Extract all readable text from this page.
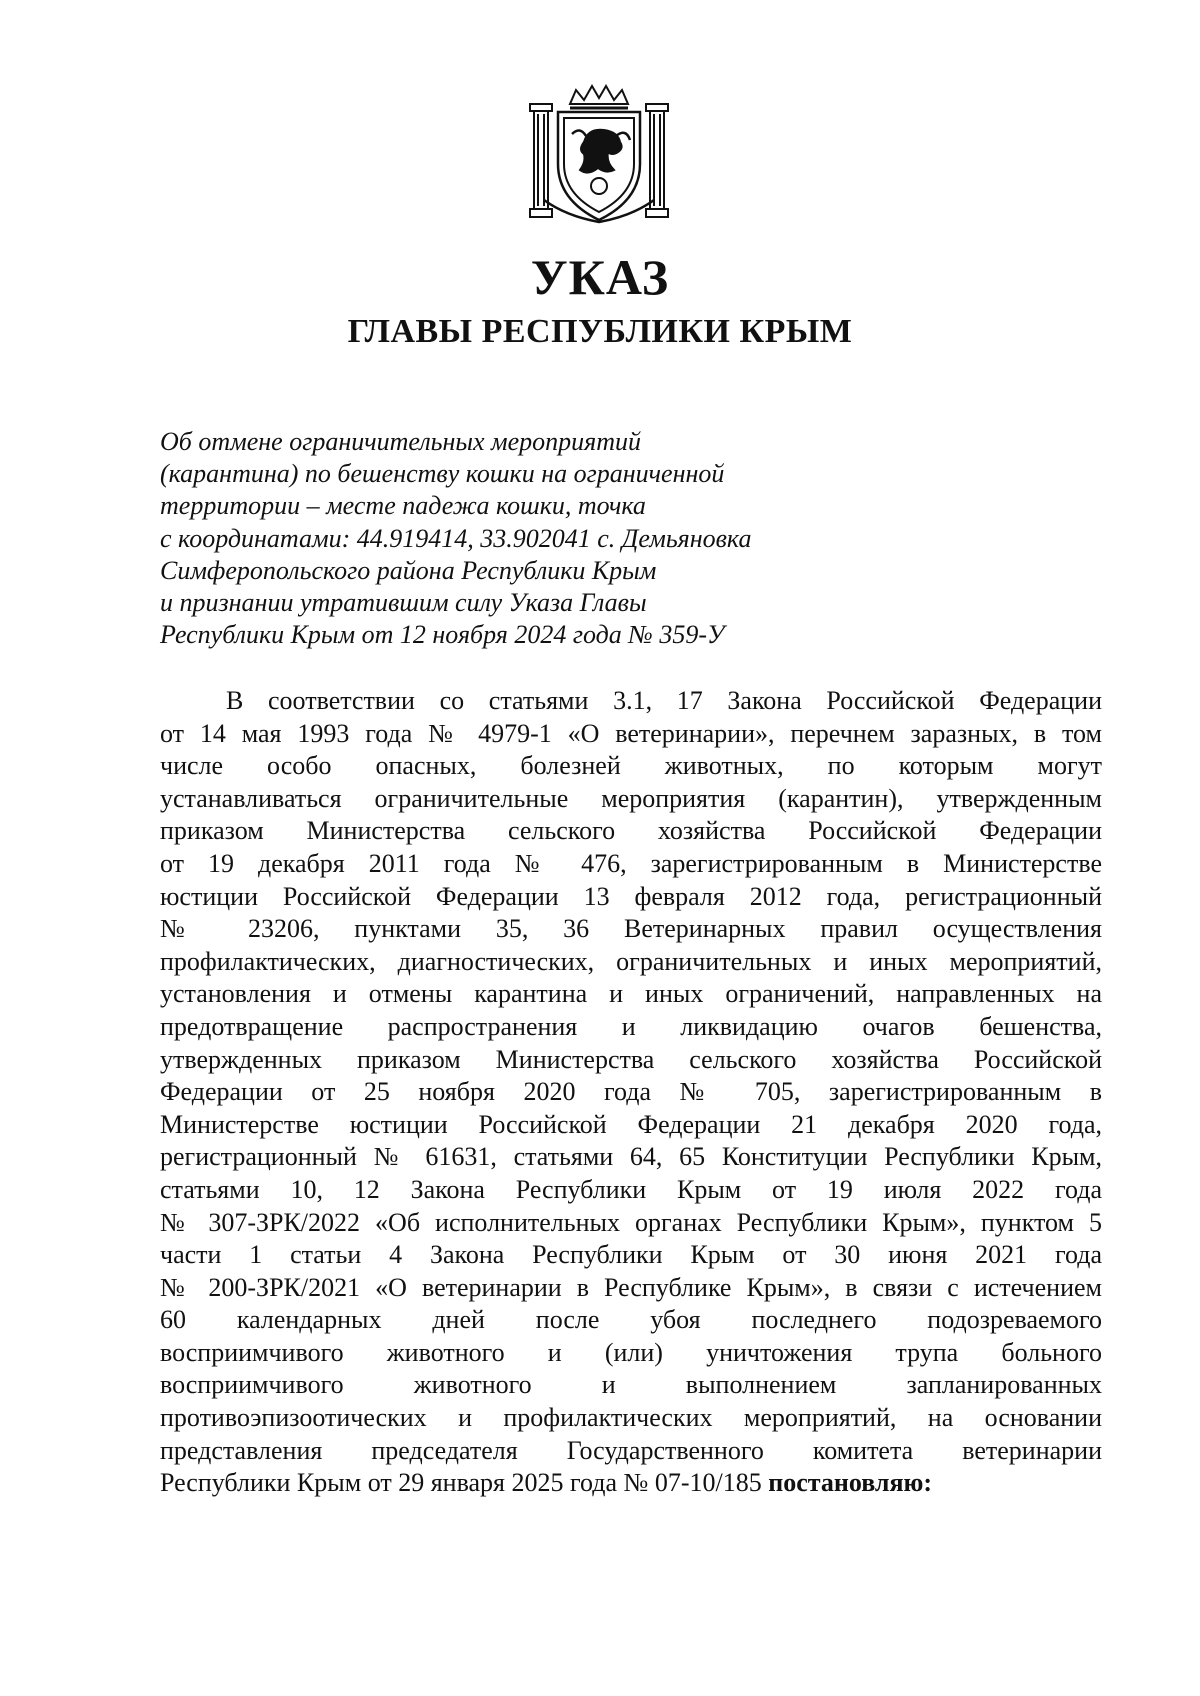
УКАЗ
ГЛАВЫ РЕСПУБЛИКИ КРЫМ
Об отмене ограничительных мероприятий
(карантина) по бешенству кошки на ограниченной
территории – месте падежа кошки, точка
с координатами: 44.919414, 33.902041 с. Демьяновка
Симферопольского района Республики Крым
и признании утратившим силу Указа Главы
Республики Крым от 12 ноября 2024 года № 359-У
В соответствии со статьями 3.1, 17 Закона Российской Федерации
от 14 мая 1993 года № 4979-1 «О ветеринарии», перечнем заразных, в том
числе особо опасных, болезней животных, по которым могут
устанавливаться ограничительные мероприятия (карантин), утвержденным
приказом Министерства сельского хозяйства Российской Федерации
от 19 декабря 2011 года № 476, зарегистрированным в Министерстве
юстиции Российской Федерации 13 февраля 2012 года, регистрационный
№ 23206, пунктами 35, 36 Ветеринарных правил осуществления
профилактических, диагностических, ограничительных и иных мероприятий,
установления и отмены карантина и иных ограничений, направленных на
предотвращение распространения и ликвидацию очагов бешенства,
утвержденных приказом Министерства сельского хозяйства Российской
Федерации от 25 ноября 2020 года № 705, зарегистрированным в
Министерстве юстиции Российской Федерации 21 декабря 2020 года,
регистрационный № 61631, статьями 64, 65 Конституции Республики Крым,
статьями 10, 12 Закона Республики Крым от 19 июля 2022 года
№ 307-ЗРК/2022 «Об исполнительных органах Республики Крым», пунктом 5
части 1 статьи 4 Закона Республики Крым от 30 июня 2021 года
№ 200-ЗРК/2021 «О ветеринарии в Республике Крым», в связи с истечением
60 календарных дней после убоя последнего подозреваемого
восприимчивого животного и (или) уничтожения трупа больного
восприимчивого животного и выполнением запланированных
противоэпизоотических и профилактических мероприятий, на основании
представления председателя Государственного комитета ветеринарии
Республики Крым от 29 января 2025 года № 07-10/185 постановляю:
